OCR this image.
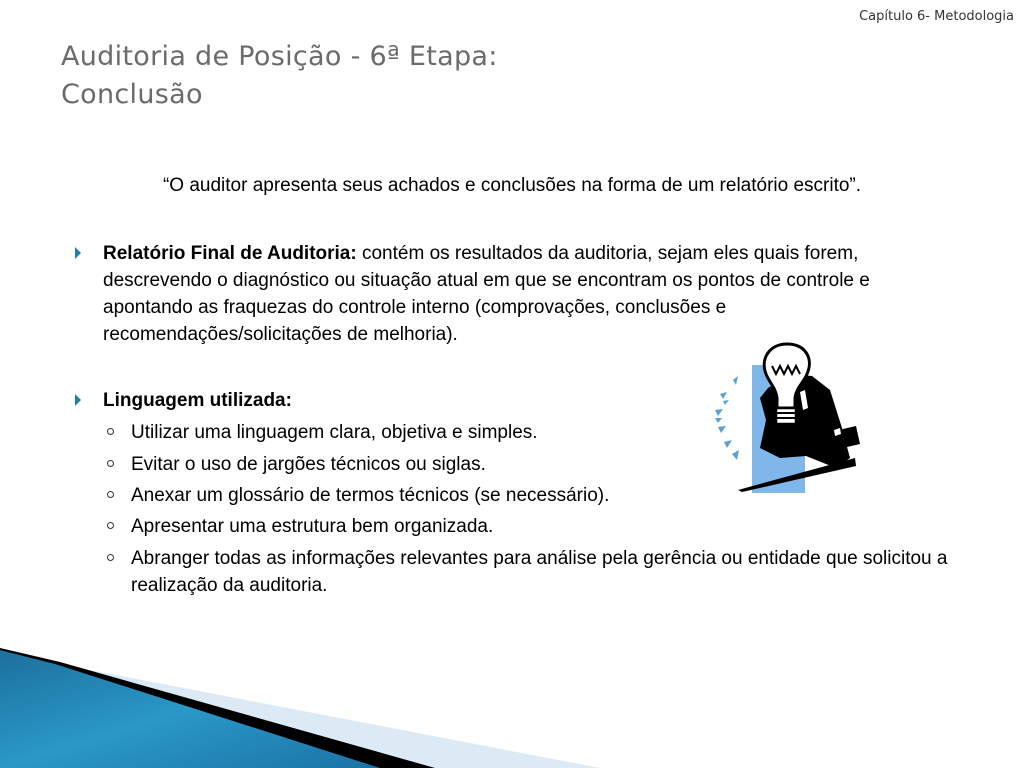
Capítulo 6- Metodologia
Auditoria de Posição - 6ª Etapa:
Conclusão
“O auditor apresenta seus achados e conclusões na forma de um relatório escrito”.
Relatório Final de Auditoria: contém os resultados da auditoria, sejam eles quais forem, descrevendo o diagnóstico ou situação atual em que se encontram os pontos de controle e apontando as fraquezas do controle interno (comprovações, conclusões e recomendações/solicitações de melhoria).
Linguagem utilizada:
Utilizar uma linguagem clara, objetiva e simples.
Evitar o uso de jargões técnicos ou siglas.
Anexar um glossário de termos técnicos (se necessário).
Apresentar uma estrutura bem organizada.
Abranger todas as informações relevantes para análise pela gerência ou entidade que solicitou a realização da auditoria.
